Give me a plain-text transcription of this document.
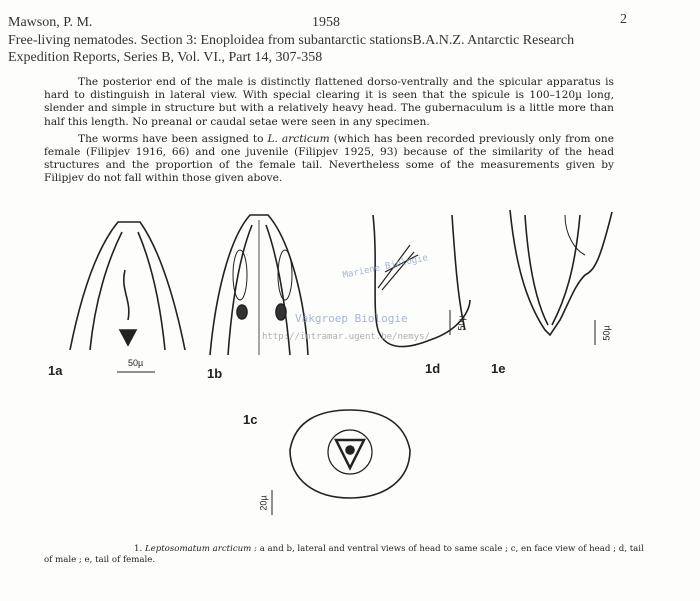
Mawson, P. M.	1958	2
Free-living nematodes. Section 3: Enoploidea from subantarctic stationsB.A.N.Z. Antarctic Research
Expedition Reports, Series B, Vol. VI., Part 14, 307-358

The posterior end of the male is distinctly flattened dorso-ventrally and the spicular apparatus is hard to distinguish in lateral view. With special clearing it is seen that the spicule is 100–120µ long, slender and simple in structure but with a relatively heavy head. The gubernaculum is a little more than half this length. No preanal or caudal setae were seen in any specimen.

The worms have been assigned to L. arcticum (which has been recorded previously only from one female (Filipjev 1916, 66) and one juvenile (Filipjev 1925, 93) because of the similarity of the head structures and the proportion of the female tail. Nevertheless some of the measurements given by Filipjev do not fall within those given above.

1a	50µ
1b	1d
50µ
1e
50µ
1c
20µ
Mariene Biologie
Vakgroep Biologie
http://intramar.ugent.be/nemys/
1. Leptosomatum arcticum : a and b, lateral and ventral views of head to same scale ; c, en face view of head ; d, tail of male ; e, tail of female.
